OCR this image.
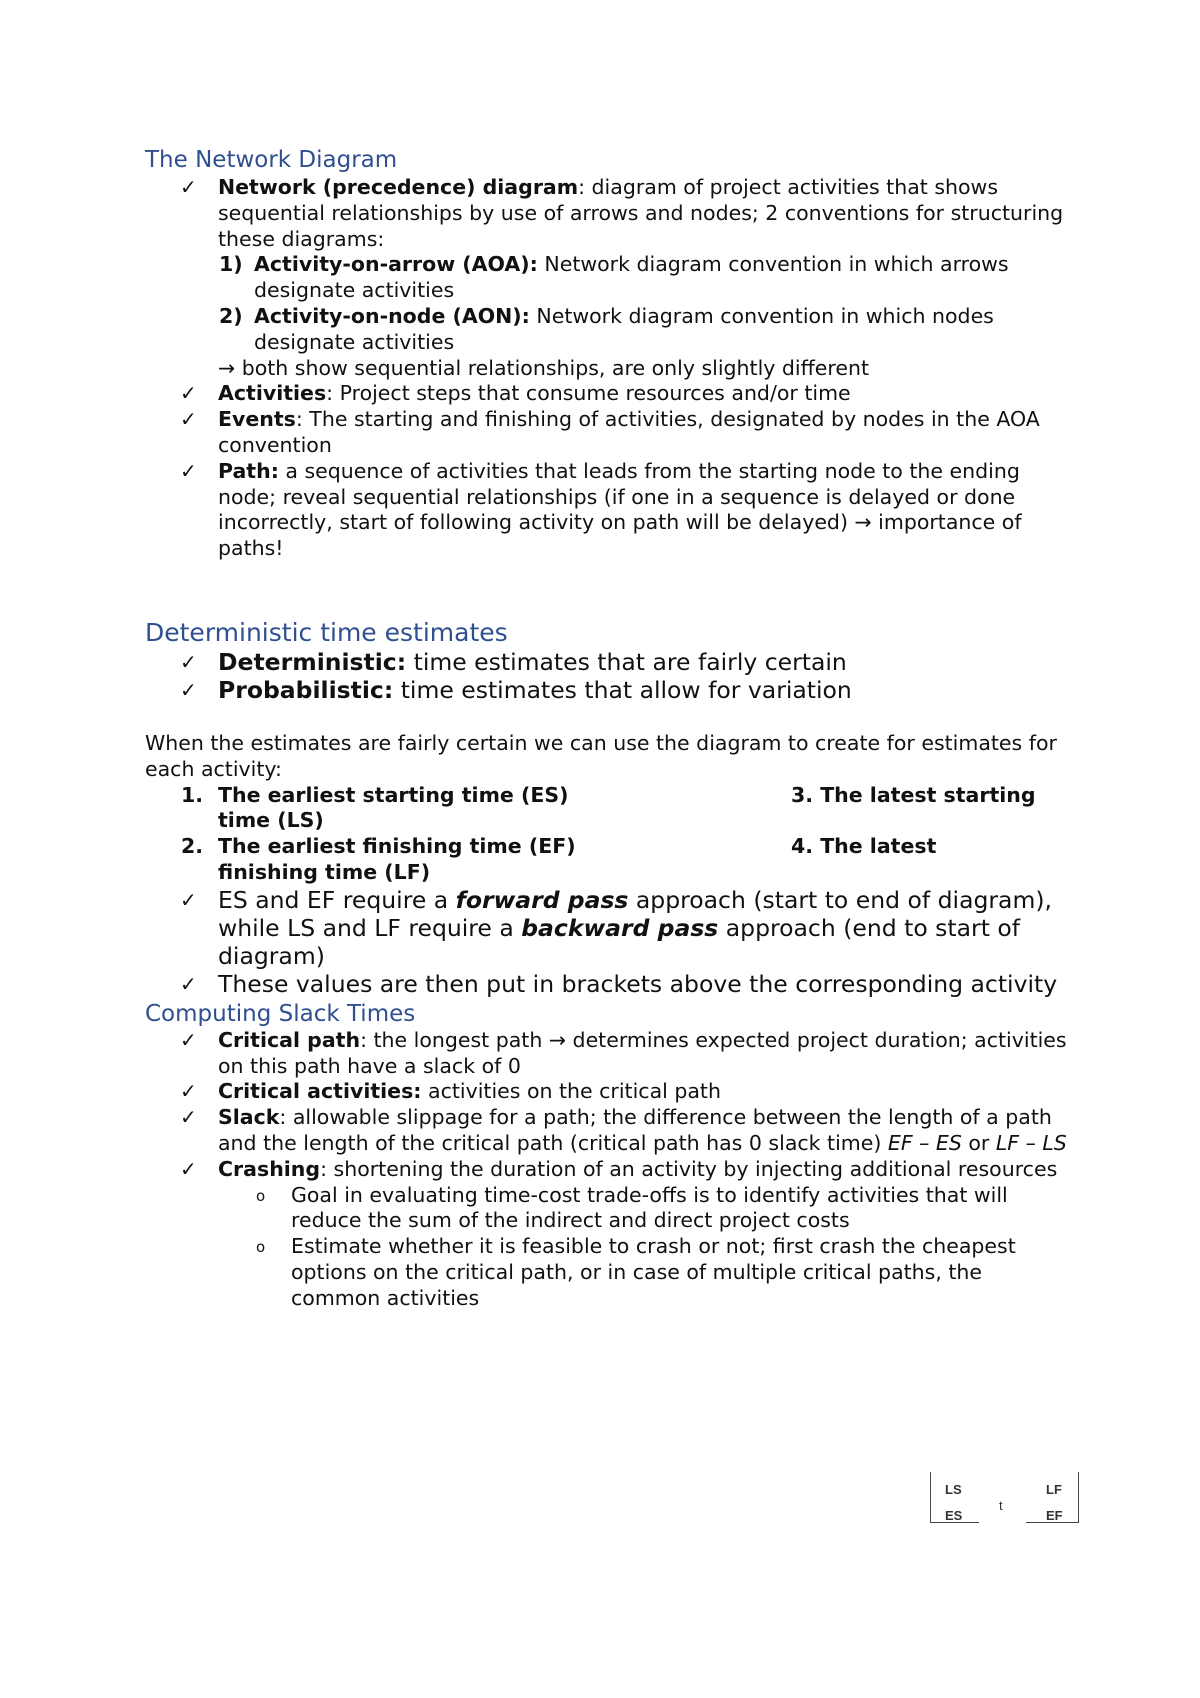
The Network Diagram
✓	Network (precedence) diagram: diagram of project activities that shows sequential relationships by use of arrows and nodes; 2 conventions for structuring these diagrams:
1) Activity-on-arrow (AOA): Network diagram convention in which arrows designate activities
2) Activity-on-node (AON): Network diagram convention in which nodes designate activities
→ both show sequential relationships, are only slightly different
✓	Activities: Project steps that consume resources and/or time
✓	Events: The starting and finishing of activities, designated by nodes in the AOA convention
✓	Path: a sequence of activities that leads from the starting node to the ending node; reveal sequential relationships (if one in a sequence is delayed or done incorrectly, start of following activity on path will be delayed) → importance of paths!
Deterministic time estimates
✓ Deterministic: time estimates that are fairly certain
✓ Probabilistic: time estimates that allow for variation
When the estimates are fairly certain we can use the diagram to create for estimates for each activity:
1. The earliest starting time (ES)	3. The latest starting
time (LS)
2. The earliest finishing time (EF)	4. The latest
finishing time (LF)
✓ ES and EF require a forward pass approach (start to end of diagram), while LS and LF require a backward pass approach (end to start of diagram)
✓ These values are then put in brackets above the corresponding activity
Computing Slack Times
✓	Critical path: the longest path → determines expected project duration; activities on this path have a slack of 0
✓	Critical activities: activities on the critical path
✓	Slack: allowable slippage for a path; the difference between the length of a path and the length of the critical path (critical path has 0 slack time) EF – ES or LF – LS
✓	Crashing: shortening the duration of an activity by injecting additional resources
o	Goal in evaluating time-cost trade-offs is to identify activities that will reduce the sum of the indirect and direct project costs
o	Estimate whether it is feasible to crash or not; first crash the cheapest options on the critical path, or in case of multiple critical paths, the common activities
LS
ES
t
LF
EF
